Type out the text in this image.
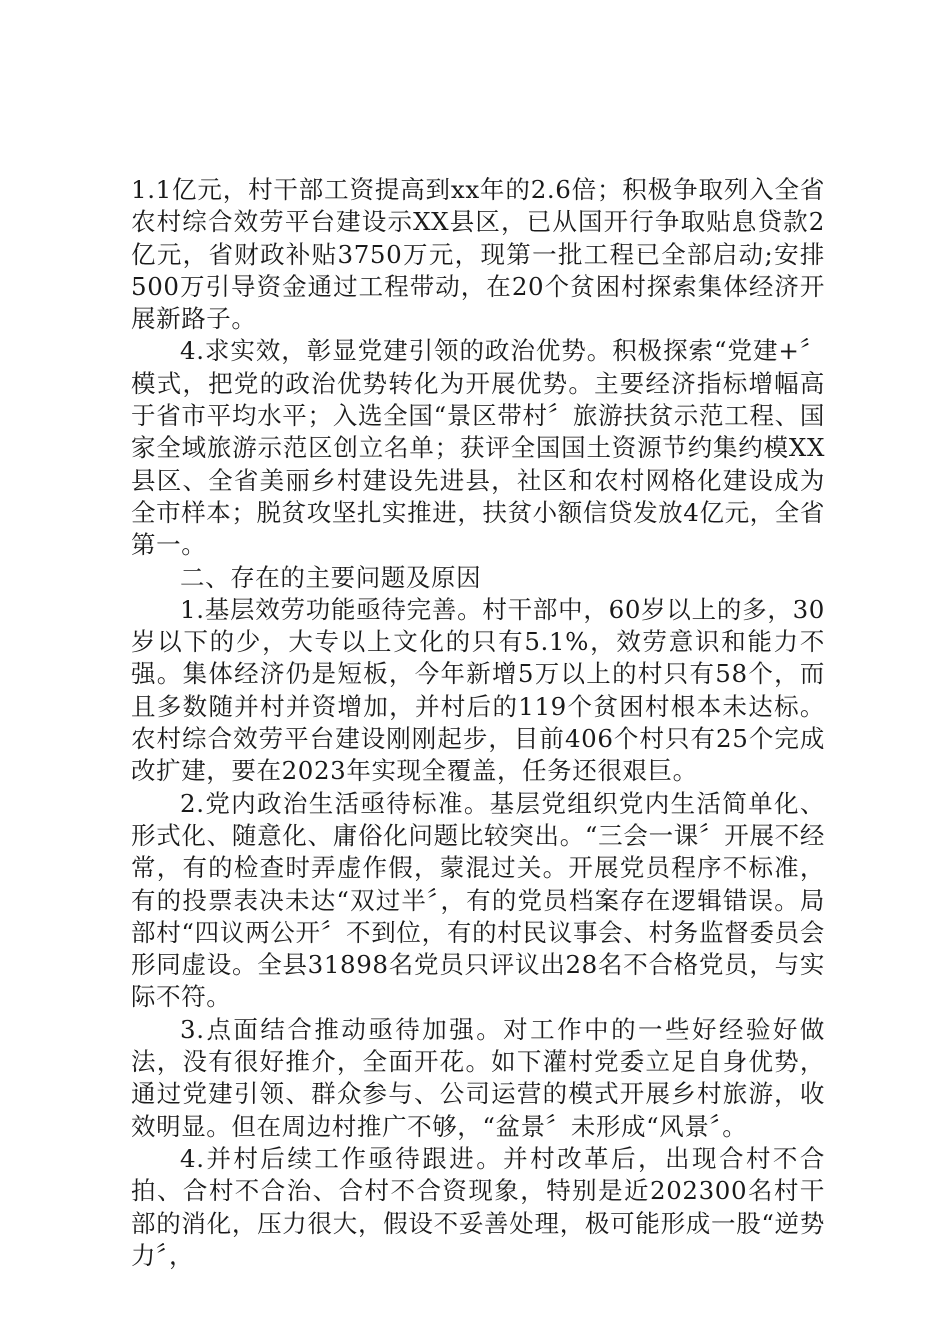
1.1亿元，村干部工资提高到xx年的2.6倍；积极争取列入全省农村综合效劳平台建设示XX县区，已从国开行争取贴息贷款2亿元，省财政补贴3750万元，现第一批工程已全部启动;安排500万引导资金通过工程带动，在20个贫困村探索集体经济开展新路子。

4.求实效，彰显党建引领的政治优势。积极探索“党建+〞模式，把党的政治优势转化为开展优势。主要经济指标增幅高于省市平均水平；入选全国“景区带村〞旅游扶贫示范工程、国家全域旅游示范区创立名单；获评全国国土资源节约集约模XX县区、全省美丽乡村建设先进县，社区和农村网格化建设成为全市样本；脱贫攻坚扎实推进，扶贫小额信贷发放4亿元，全省第一。

二、存在的主要问题及原因

1.基层效劳功能亟待完善。村干部中，60岁以上的多，30岁以下的少，大专以上文化的只有5.1%，效劳意识和能力不强。集体经济仍是短板，今年新增5万以上的村只有58个，而且多数随并村并资增加，并村后的119个贫困村根本未达标。农村综合效劳平台建设刚刚起步，目前406个村只有25个完成改扩建，要在2023年实现全覆盖，任务还很艰巨。

2.党内政治生活亟待标准。基层党组织党内生活简单化、形式化、随意化、庸俗化问题比较突出。“三会一课〞开展不经常，有的检查时弄虚作假，蒙混过关。开展党员程序不标准，有的投票表决未达“双过半〞，有的党员档案存在逻辑错误。局部村“四议两公开〞不到位，有的村民议事会、村务监督委员会形同虚设。全县31898名党员只评议出28名不合格党员，与实际不符。

3.点面结合推动亟待加强。对工作中的一些好经验好做法，没有很好推介，全面开花。如下灌村党委立足自身优势，通过党建引领、群众参与、公司运营的模式开展乡村旅游，收效明显。但在周边村推广不够，“盆景〞未形成“风景〞。

4.并村后续工作亟待跟进。并村改革后，出现合村不合拍、合村不合治、合村不合资现象，特别是近202300名村干部的消化，压力很大，假设不妥善处理，极可能形成一股“逆势力〞，
